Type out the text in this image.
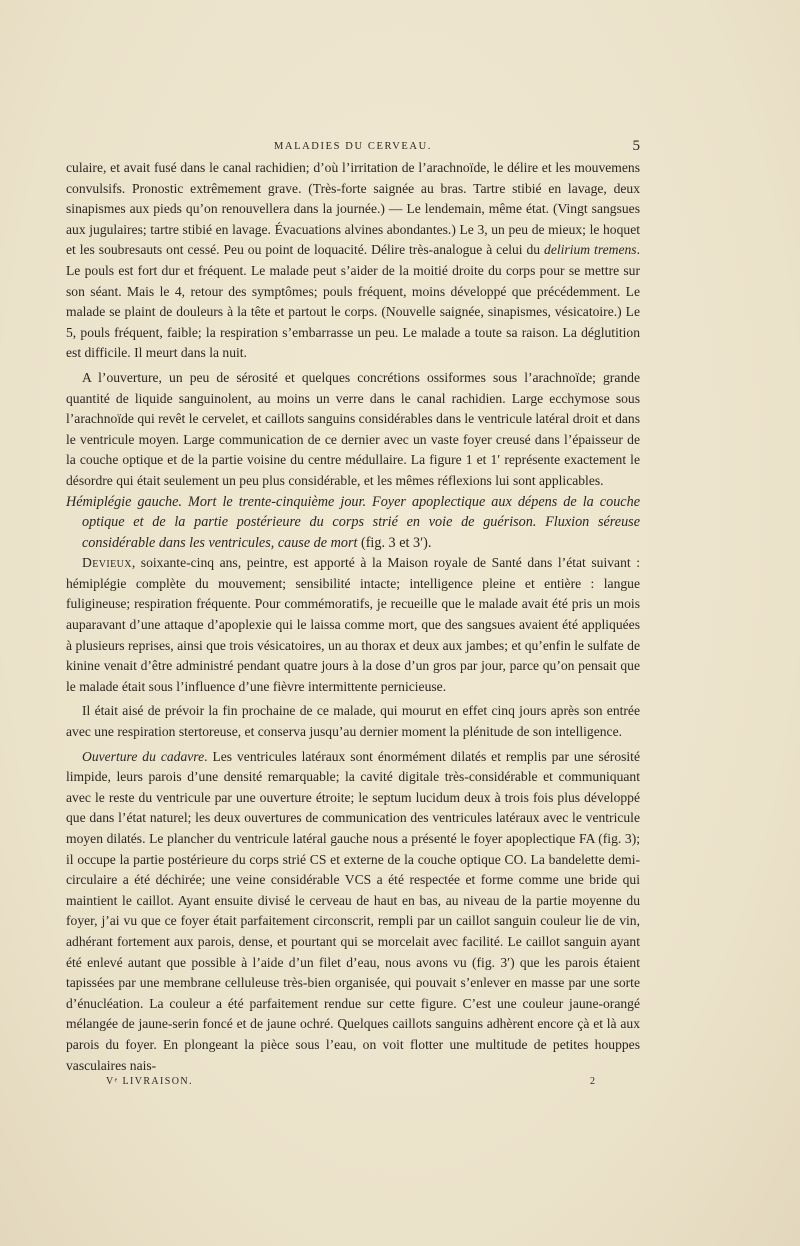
MALADIES DU CERVEAU.	5

culaire, et avait fusé dans le canal rachidien; d’où l’irritation de l’arachnoïde, le délire et les mouvemens convulsifs. Pronostic extrêmement grave. (Très-forte saignée au bras. Tartre stibié en lavage, deux sinapismes aux pieds qu’on renouvellera dans la journée.) — Le lendemain, même état. (Vingt sangsues aux jugulaires; tartre stibié en lavage. Évacuations alvines abondantes.) Le 3, un peu de mieux; le hoquet et les soubresauts ont cessé. Peu ou point de loquacité. Délire très-analogue à celui du delirium tremens. Le pouls est fort dur et fréquent. Le malade peut s’aider de la moitié droite du corps pour se mettre sur son séant. Mais le 4, retour des symptômes; pouls fréquent, moins développé que précédemment. Le malade se plaint de douleurs à la tête et partout le corps. (Nouvelle saignée, sinapismes, vésicatoire.) Le 5, pouls fréquent, faible; la respiration s’embarrasse un peu. Le malade a toute sa raison. La déglutition est difficile. Il meurt dans la nuit.

A l’ouverture, un peu de sérosité et quelques concrétions ossiformes sous l’arachnoïde; grande quantité de liquide sanguinolent, au moins un verre dans le canal rachidien. Large ecchymose sous l’arachnoïde qui revêt le cervelet, et caillots sanguins considérables dans le ventricule latéral droit et dans le ventricule moyen. Large communication de ce dernier avec un vaste foyer creusé dans l’épaisseur de la couche optique et de la partie voisine du centre médullaire. La figure 1 et 1′ représente exactement le désordre qui était seulement un peu plus considérable, et les mêmes réflexions lui sont applicables.

Hémiplégie gauche. Mort le trente-cinquième jour. Foyer apoplectique aux dépens de la couche optique et de la partie postérieure du corps strié en voie de guérison. Fluxion séreuse considérable dans les ventricules, cause de mort (fig. 3 et 3′).

Devieux, soixante-cinq ans, peintre, est apporté à la Maison royale de Santé dans l’état suivant : hémiplégie complète du mouvement; sensibilité intacte; intelligence pleine et entière : langue fuligineuse; respiration fréquente. Pour commémoratifs, je recueille que le malade avait été pris un mois auparavant d’une attaque d’apoplexie qui le laissa comme mort, que des sangsues avaient été appliquées à plusieurs reprises, ainsi que trois vésicatoires, un au thorax et deux aux jambes; et qu’enfin le sulfate de kinine venait d’être administré pendant quatre jours à la dose d’un gros par jour, parce qu’on pensait que le malade était sous l’influence d’une fièvre intermittente pernicieuse.

Il était aisé de prévoir la fin prochaine de ce malade, qui mourut en effet cinq jours après son entrée avec une respiration stertoreuse, et conserva jusqu’au dernier moment la plénitude de son intelligence.

Ouverture du cadavre. Les ventricules latéraux sont énormément dilatés et remplis par une sérosité limpide, leurs parois d’une densité remarquable; la cavité digitale très-considérable et communiquant avec le reste du ventricule par une ouverture étroite; le septum lucidum deux à trois fois plus développé que dans l’état naturel; les deux ouvertures de communication des ventricules latéraux avec le ventricule moyen dilatés. Le plancher du ventricule latéral gauche nous a présenté le foyer apoplectique FA (fig. 3); il occupe la partie postérieure du corps strié CS et externe de la couche optique CO. La bandelette demi-circulaire a été déchirée; une veine considérable VCS a été respectée et forme comme une bride qui maintient le caillot. Ayant ensuite divisé le cerveau de haut en bas, au niveau de la partie moyenne du foyer, j’ai vu que ce foyer était parfaitement circonscrit, rempli par un caillot sanguin couleur lie de vin, adhérant fortement aux parois, dense, et pourtant qui se morcelait avec facilité. Le caillot sanguin ayant été enlevé autant que possible à l’aide d’un filet d’eau, nous avons vu (fig. 3′) que les parois étaient tapissées par une membrane celluleuse très-bien organisée, qui pouvait s’enlever en masse par une sorte d’énucléation. La couleur a été parfaitement rendue sur cette figure. C’est une couleur jaune-orangé mélangée de jaune-serin foncé et de jaune ochré. Quelques caillots sanguins adhèrent encore çà et là aux parois du foyer. En plongeant la pièce sous l’eau, on voit flotter une multitude de petites houppes vasculaires nais-

Vᵉ LIVRAISON.	2
